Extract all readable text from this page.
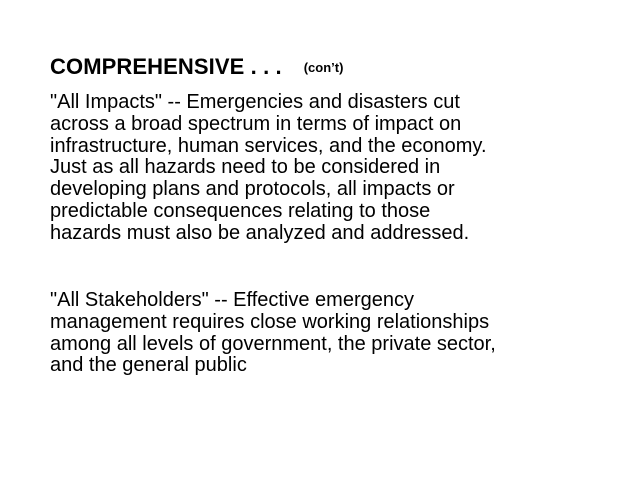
COMPREHENSIVE . . . (con’t)
"All Impacts" -- Emergencies and disasters cut
across a broad spectrum in terms of impact on
infrastructure, human services, and the economy.
Just as all hazards need to be considered in
developing plans and protocols, all impacts or
predictable consequences relating to those
hazards must also be analyzed and addressed.
"All Stakeholders" -- Effective emergency
management requires close working relationships
among all levels of government, the private sector,
and the general public
